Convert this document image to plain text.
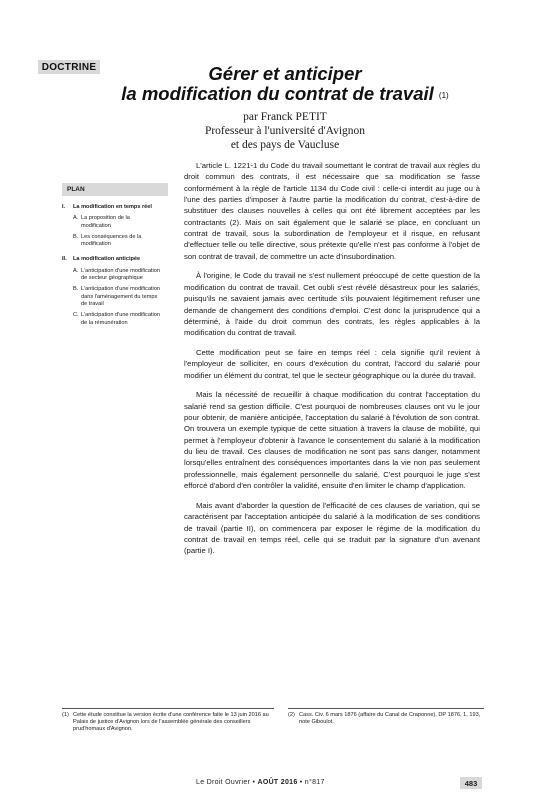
DOCTRINE	Gérer et anticiper
la modification du contrat de travail (1)
par Franck PETIT
Professeur à l'université d'Avignon
et des pays de Vaucluse
PLAN
I.	La modification en temps réel
A. La proposition de la modification
B. Les conséquences de la modification
II.	La modification anticipée
A. L'anticipation d'une modification de secteur géographique
B. L'anticipation d'une modification dans l'aménagement du temps de travail
C. L'anticipation d'une modification de la rémunération

L'article L. 1221-1 du Code du travail soumettant le contrat de travail aux règles du droit commun des contrats, il est nécessaire que sa modification se fasse conformément à la règle de l'article 1134 du Code civil : celle-ci interdit au juge ou à l'une des parties d'imposer à l'autre partie la modification du contrat, c'est-à-dire de substituer des clauses nouvelles à celles qui ont été librement acceptées par les contractants (2). Mais on sait également que le salarié se place, en concluant un contrat de travail, sous la subordination de l'employeur et il risque, en refusant d'effectuer telle ou telle directive, sous prétexte qu'elle n'est pas conforme à l'objet de son contrat de travail, de commettre un acte d'insubordination.

À l'origine, le Code du travail ne s'est nullement préoccupé de cette question de la modification du contrat de travail. Cet oubli s'est révélé désastreux pour les salariés, puisqu'ils ne savaient jamais avec certitude s'ils pouvaient légitimement refuser une demande de changement des conditions d'emploi. C'est donc la jurisprudence qui a déterminé, à l'aide du droit commun des contrats, les règles applicables à la modification du contrat de travail.

Cette modification peut se faire en temps réel : cela signifie qu'il revient à l'employeur de solliciter, en cours d'exécution du contrat, l'accord du salarié pour modifier un élément du contrat, tel que le secteur géographique ou la durée du travail.

Mais la nécessité de recueillir à chaque modification du contrat l'acceptation du salarié rend sa gestion difficile. C'est pourquoi de nombreuses clauses ont vu le jour pour obtenir, de manière anticipée, l'acceptation du salarié à l'évolution de son contrat. On trouvera un exemple typique de cette situation à travers la clause de mobilité, qui permet à l'employeur d'obtenir à l'avance le consentement du salarié à la modification du lieu de travail. Ces clauses de modification ne sont pas sans danger, notamment lorsqu'elles entraînent des conséquences importantes dans la vie non pas seulement professionnelle, mais également personnelle du salarié. C'est pourquoi le juge s'est efforcé d'abord d'en contrôler la validité, ensuite d'en limiter le champ d'application.

Mais avant d'aborder la question de l'efficacité de ces clauses de variation, qui se caractérisent par l'acceptation anticipée du salarié à la modification de ses conditions de travail (partie II), on commencera par exposer le régime de la modification du contrat de travail en temps réel, celle qui se traduit par la signature d'un avenant (partie I).

(1) Cette étude constitue la version écrite d'une conférence faite le 13 juin 2016 au Palais de justice d'Avignon lors de l'assemblée générale des conseillers prud'homaux d'Avignon.
(2) Cass. Civ. 6 mars 1876 (affaire du Canal de Craponne), DP 1876, 1, 193, note Giboulot.
Le Droit Ouvrier • AOÛT 2016 • n°817	483
